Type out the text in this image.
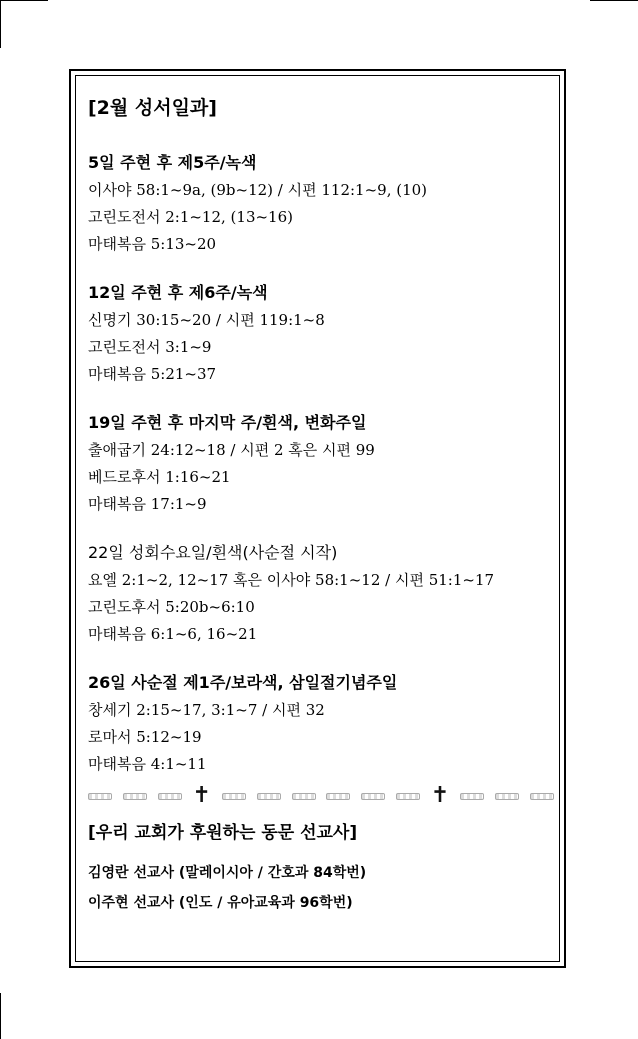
[2월 성서일과]
5일 주현 후 제5주/녹색
이사야 58:1~9a, (9b~12) / 시편 112:1~9, (10)
고린도전서 2:1~12, (13~16)
마태복음 5:13~20
12일 주현 후 제6주/녹색
신명기 30:15~20 / 시편 119:1~8
고린도전서 3:1~9
마태복음 5:21~37
19일 주현 후 마지막 주/흰색, 변화주일
출애굽기 24:12~18 / 시편 2 혹은 시편 99
베드로후서 1:16~21
마태복음 17:1~9
22일 성회수요일/흰색(사순절 시작)
요엘 2:1~2, 12~17 혹은 이사야 58:1~12 / 시편 51:1~17
고린도후서 5:20b~6:10
마태복음 6:1~6, 16~21
26일 사순절 제1주/보라색, 삼일절기념주일
창세기 2:15~17, 3:1~7 / 시편 32
로마서 5:12~19
마태복음 4:1~11
✝	✝
[우리 교회가 후원하는 동문 선교사]
김영란 선교사 (말레이시아 / 간호과 84학번)
이주현 선교사 (인도 / 유아교육과 96학번)
